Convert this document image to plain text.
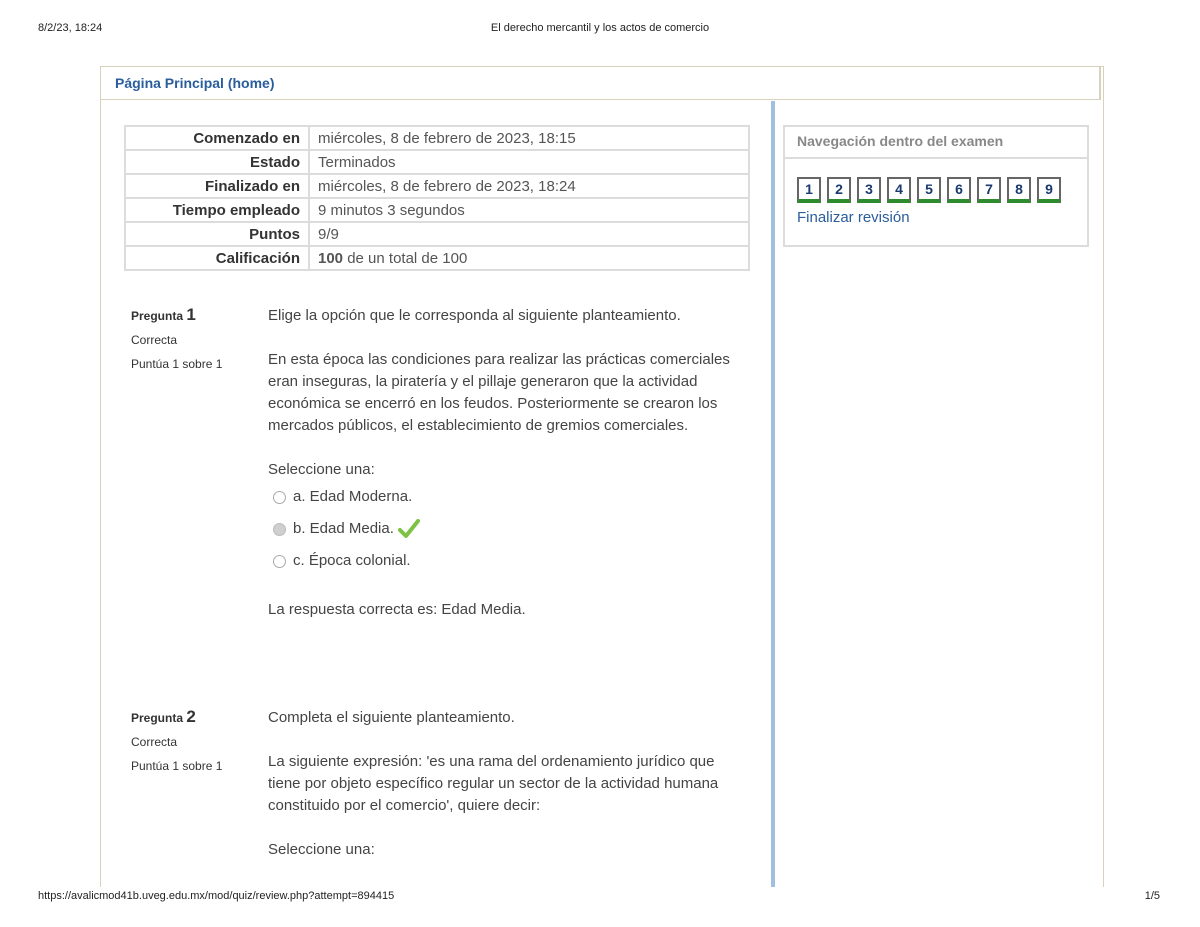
8/2/23, 18:24	El derecho mercantil y los actos de comercio
Página Principal (home)
Comenzado en	miércoles, 8 de febrero de 2023, 18:15
Estado	Terminados
Finalizado en	miércoles, 8 de febrero de 2023, 18:24
Tiempo empleado	9 minutos 3 segundos
Puntos	9/9
Calificación	100 de un total de 100
Pregunta 1
Correcta
Puntúa 1 sobre 1

Elige la opción que le corresponda al siguiente planteamiento.

En esta época las condiciones para realizar las prácticas comerciales eran inseguras, la piratería y el pillaje generaron que la actividad económica se encerró en los feudos. Posteriormente se crearon los mercados públicos, el establecimiento de gremios comerciales.

Seleccione una:
a. Edad Moderna.
b. Edad Media.
c. Época colonial.

La respuesta correcta es: Edad Media.

Pregunta 2
Correcta
Puntúa 1 sobre 1

Completa el siguiente planteamiento.

La siguiente expresión: 'es una rama del ordenamiento jurídico que tiene por objeto específico regular un sector de la actividad humana constituido por el comercio', quiere decir:

Seleccione una:
Navegación dentro del examen
1	2	3	4	5	6	7	8	9
Finalizar revisión
https://avalicmod41b.uveg.edu.mx/mod/quiz/review.php?attempt=894415	1/5
